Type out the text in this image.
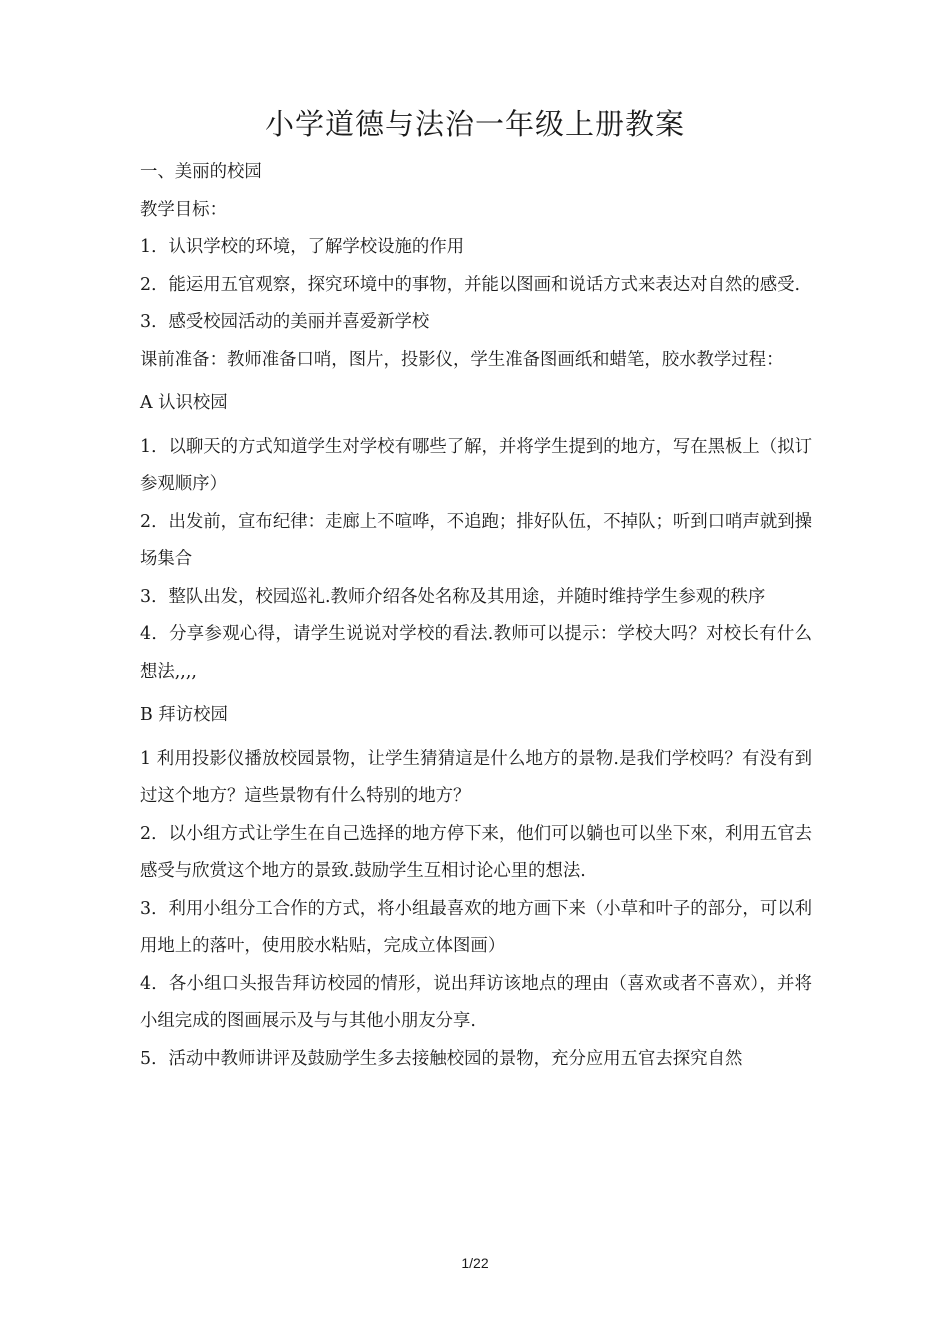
小学道德与法治一年级上册教案

一、美丽的校园

教学目标：

1．认识学校的环境，了解学校设施的作用

2．能运用五官观察，探究环境中的事物，并能以图画和说话方式来表达对自然的感受.

3．感受校园活动的美丽并喜爱新学校

课前准备：教师准备口哨，图片，投影仪，学生准备图画纸和蜡笔，胶水教学过程：

A 认识校园

1．以聊天的方式知道学生对学校有哪些了解，并将学生提到的地方，写在黑板上（拟订参观顺序）

2．出发前，宣布纪律：走廊上不喧哗，不追跑；排好队伍，不掉队；听到口哨声就到操场集合

3．整队出发，校园巡礼.教师介绍各处名称及其用途，并随时维持学生参观的秩序

4．分享参观心得，请学生说说对学校的看法.教师可以提示：学校大吗？对校长有什么想法,,,,

B 拜访校园

1 利用投影仪播放校园景物，让学生猜猜這是什么地方的景物.是我们学校吗？有没有到过这个地方？這些景物有什么特别的地方？

2．以小组方式让学生在自己选择的地方停下来，他们可以躺也可以坐下來，利用五官去感受与欣赏这个地方的景致.鼓励学生互相讨论心里的想法.

3．利用小组分工合作的方式，将小组最喜欢的地方画下来（小草和叶子的部分，可以利用地上的落叶，使用胶水粘贴，完成立体图画）

4．各小组口头报告拜访校园的情形，说出拜访该地点的理由（喜欢或者不喜欢），并将小组完成的图画展示及与与其他小朋友分享.

5．活动中教师讲评及鼓励学生多去接触校园的景物，充分应用五官去探究自然

1/22
